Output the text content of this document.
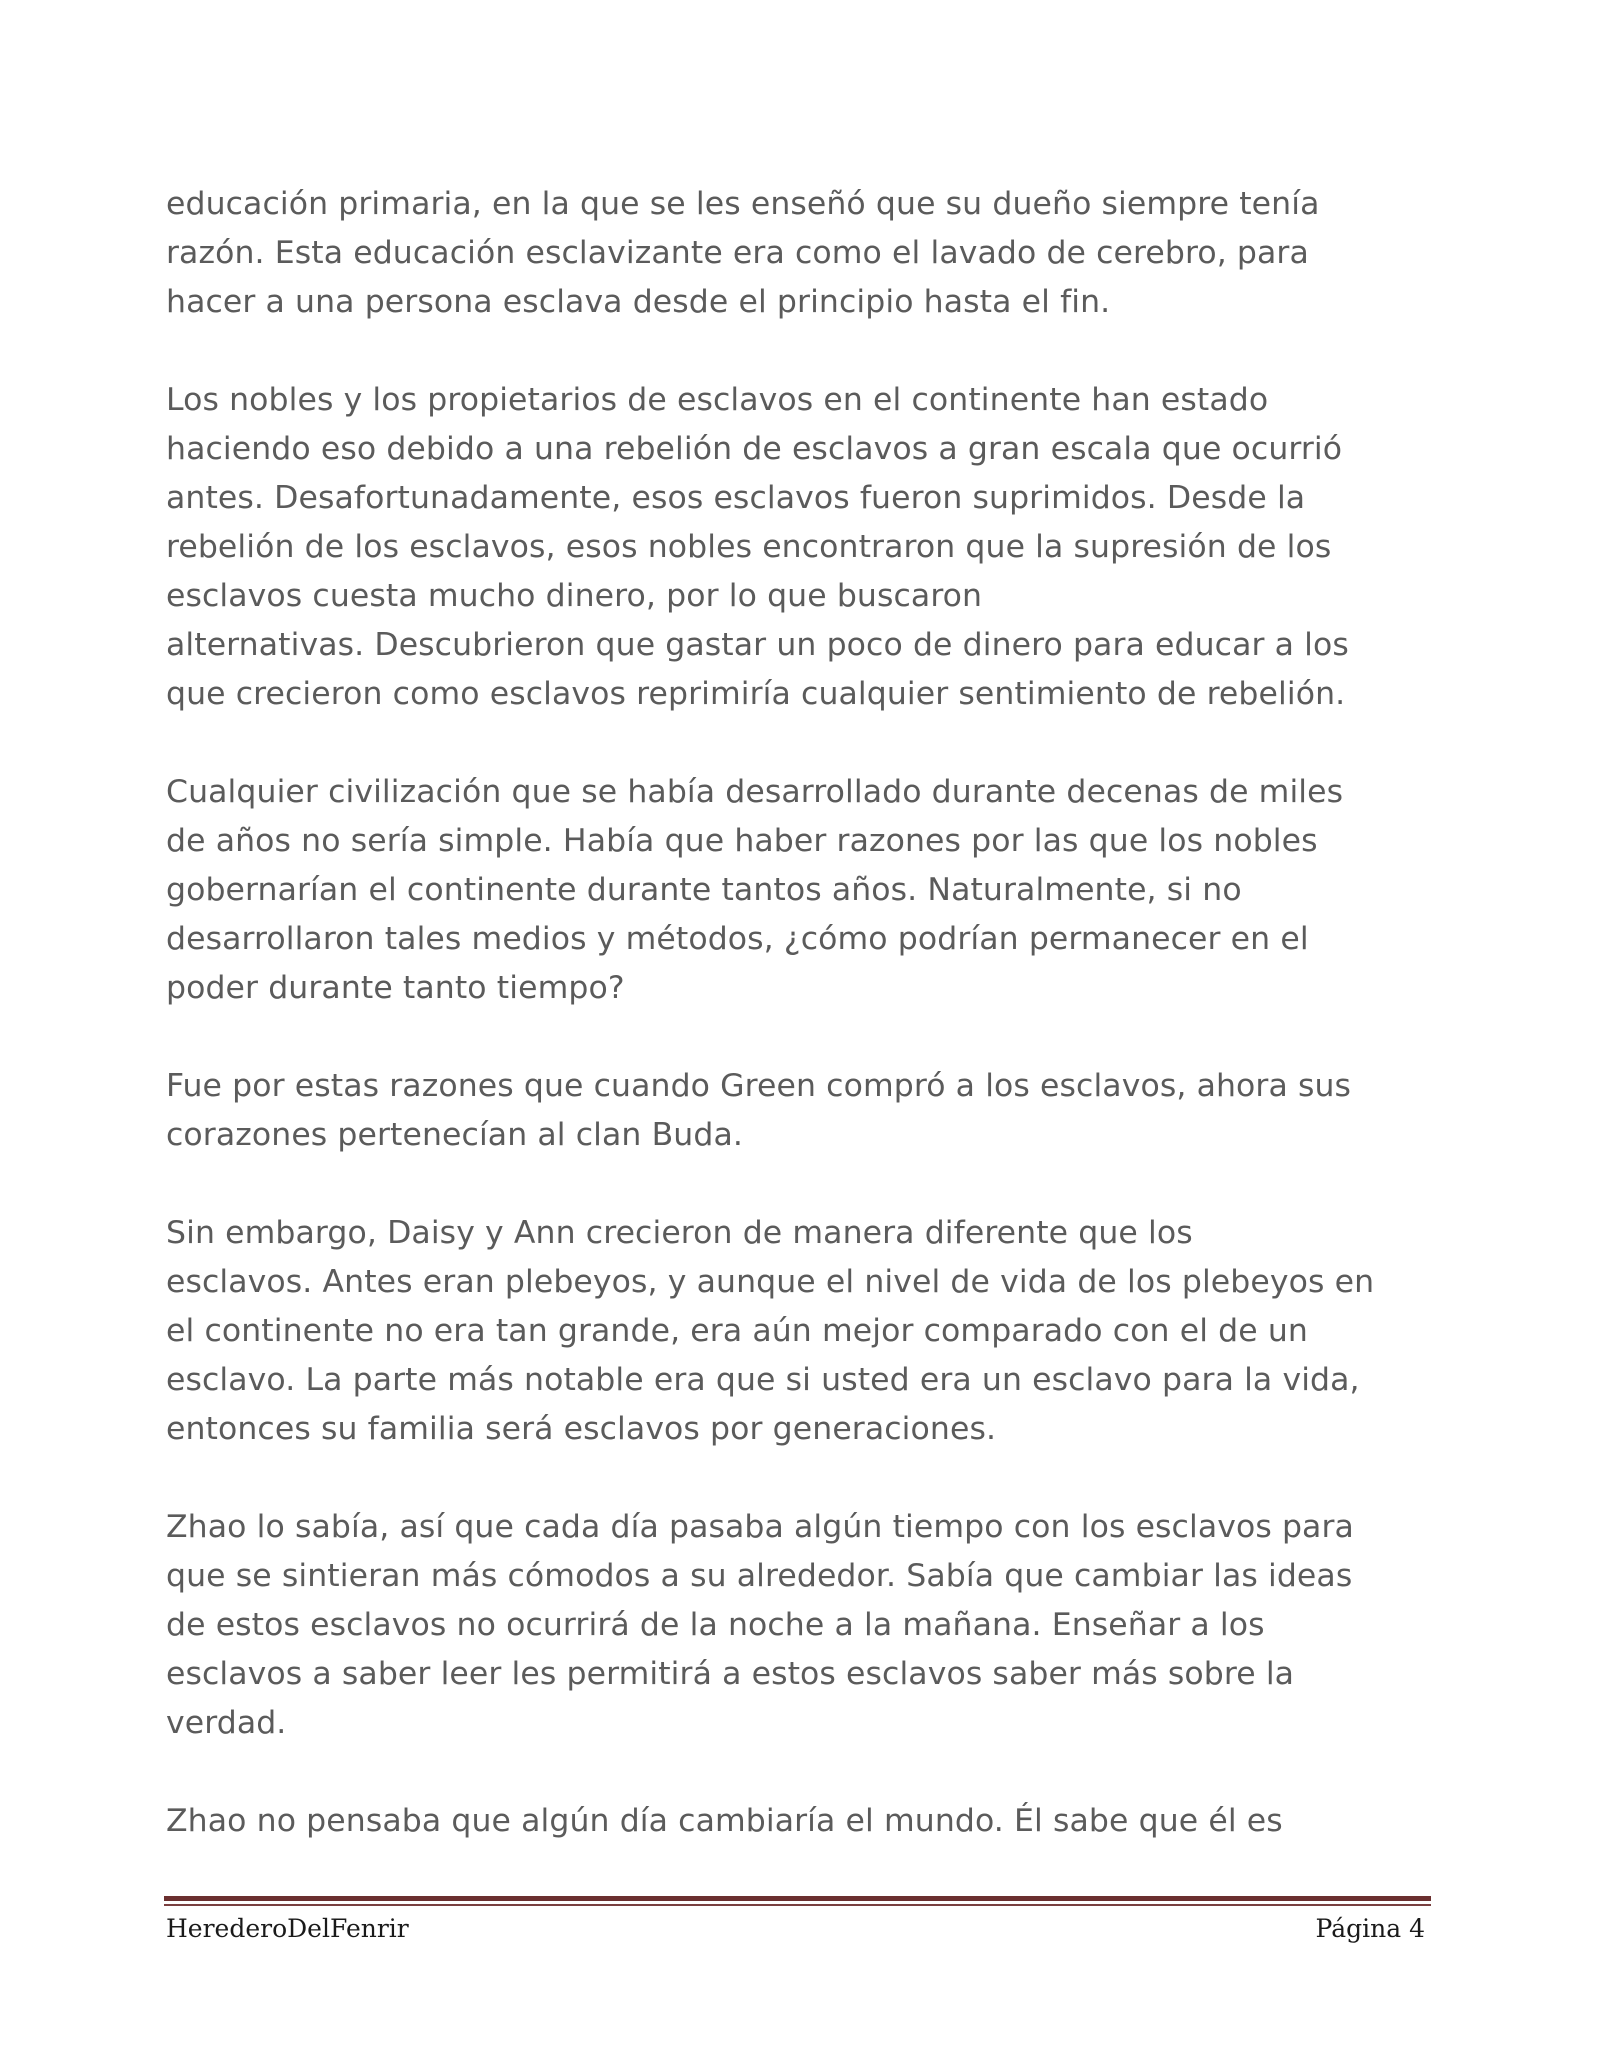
educación primaria, en la que se les enseñó que su dueño siempre tenía
razón. Esta educación esclavizante era como el lavado de cerebro, para
hacer a una persona esclava desde el principio hasta el fin.

Los nobles y los propietarios de esclavos en el continente han estado
haciendo eso debido a una rebelión de esclavos a gran escala que ocurrió
antes. Desafortunadamente, esos esclavos fueron suprimidos. Desde la
rebelión de los esclavos, esos nobles encontraron que la supresión de los
esclavos cuesta mucho dinero, por lo que buscaron
alternativas. Descubrieron que gastar un poco de dinero para educar a los
que crecieron como esclavos reprimiría cualquier sentimiento de rebelión.

Cualquier civilización que se había desarrollado durante decenas de miles
de años no sería simple. Había que haber razones por las que los nobles
gobernarían el continente durante tantos años. Naturalmente, si no
desarrollaron tales medios y métodos, ¿cómo podrían permanecer en el
poder durante tanto tiempo?

Fue por estas razones que cuando Green compró a los esclavos, ahora sus
corazones pertenecían al clan Buda.

Sin embargo, Daisy y Ann crecieron de manera diferente que los
esclavos. Antes eran plebeyos, y aunque el nivel de vida de los plebeyos en
el continente no era tan grande, era aún mejor comparado con el de un
esclavo. La parte más notable era que si usted era un esclavo para la vida,
entonces su familia será esclavos por generaciones.

Zhao lo sabía, así que cada día pasaba algún tiempo con los esclavos para
que se sintieran más cómodos a su alrededor. Sabía que cambiar las ideas
de estos esclavos no ocurrirá de la noche a la mañana. Enseñar a los
esclavos a saber leer les permitirá a estos esclavos saber más sobre la
verdad.

Zhao no pensaba que algún día cambiaría el mundo. Él sabe que él es

HerederoDelFenrir	Página 4
